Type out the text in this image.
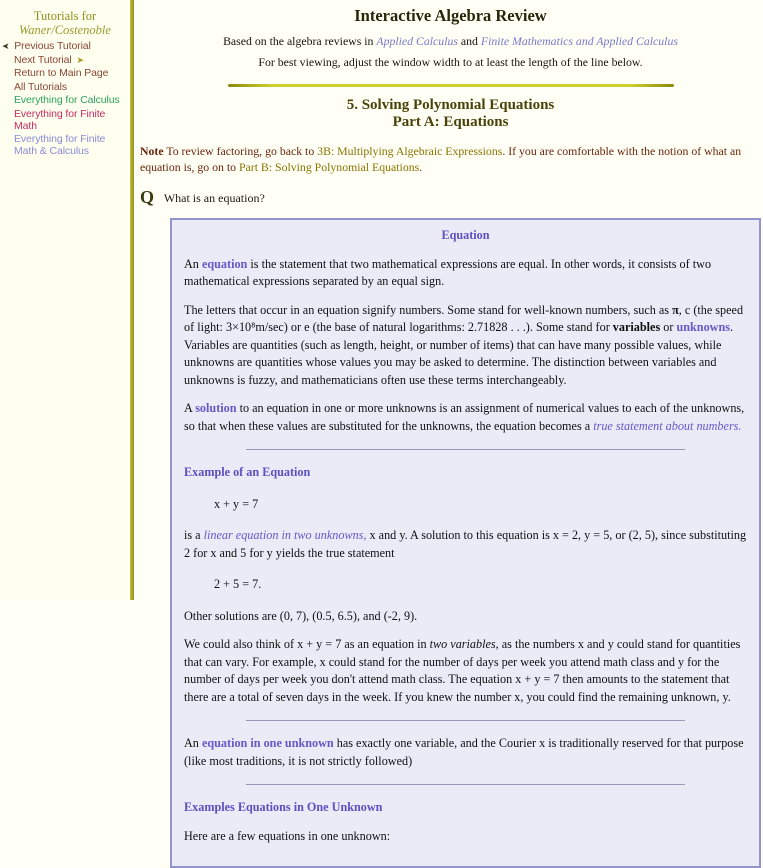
Tutorials for
Waner/Costenoble
➤ Previous Tutorial
Next Tutorial ➤
Return to Main Page
All Tutorials
Everything for Calculus
Everything for Finite Math
Everything for Finite Math & Calculus
Interactive Algebra Review

Based on the algebra reviews in Applied Calculus and Finite Mathematics and Applied Calculus

For best viewing, adjust the window width to at least the length of the line below.

5. Solving Polynomial Equations
Part A: Equations

Note To review factoring, go back to 3B: Multiplying Algebraic Expressions. If you are comfortable with the notion of what an equation is, go on to Part B: Solving Polynomial Equations.

Q What is an equation?
Equation

An equation is the statement that two mathematical expressions are equal. In other words, it consists of two mathematical expressions separated by an equal sign.

The letters that occur in an equation signify numbers. Some stand for well-known numbers, such as π, c (the speed of light: 3×10⁸m/sec) or e (the base of natural logarithms: 2.71828 . . .). Some stand for variables or unknowns. Variables are quantities (such as length, height, or number of items) that can have many possible values, while unknowns are quantities whose values you may be asked to determine. The distinction between variables and unknowns is fuzzy, and mathematicians often use these terms interchangeably.

A solution to an equation in one or more unknowns is an assignment of numerical values to each of the unknowns, so that when these values are substituted for the unknowns, the equation becomes a true statement about numbers.

Example of an Equation
x + y = 7

is a linear equation in two unknowns, x and y. A solution to this equation is x = 2, y = 5, or (2, 5), since substituting 2 for x and 5 for y yields the true statement

2 + 5 = 7.

Other solutions are (0, 7), (0.5, 6.5), and (-2, 9).

We could also think of x + y = 7 as an equation in two variables, as the numbers x and y could stand for quantities that can vary. For example, x could stand for the number of days per week you attend math class and y for the number of days per week you don't attend math class. The equation x + y = 7 then amounts to the statement that there are a total of seven days in the week. If you knew the number x, you could find the remaining unknown, y.

An equation in one unknown has exactly one variable, and the Courier x is traditionally reserved for that purpose (like most traditions, it is not strictly followed)

Examples Equations in One Unknown

Here are a few equations in one unknown:
